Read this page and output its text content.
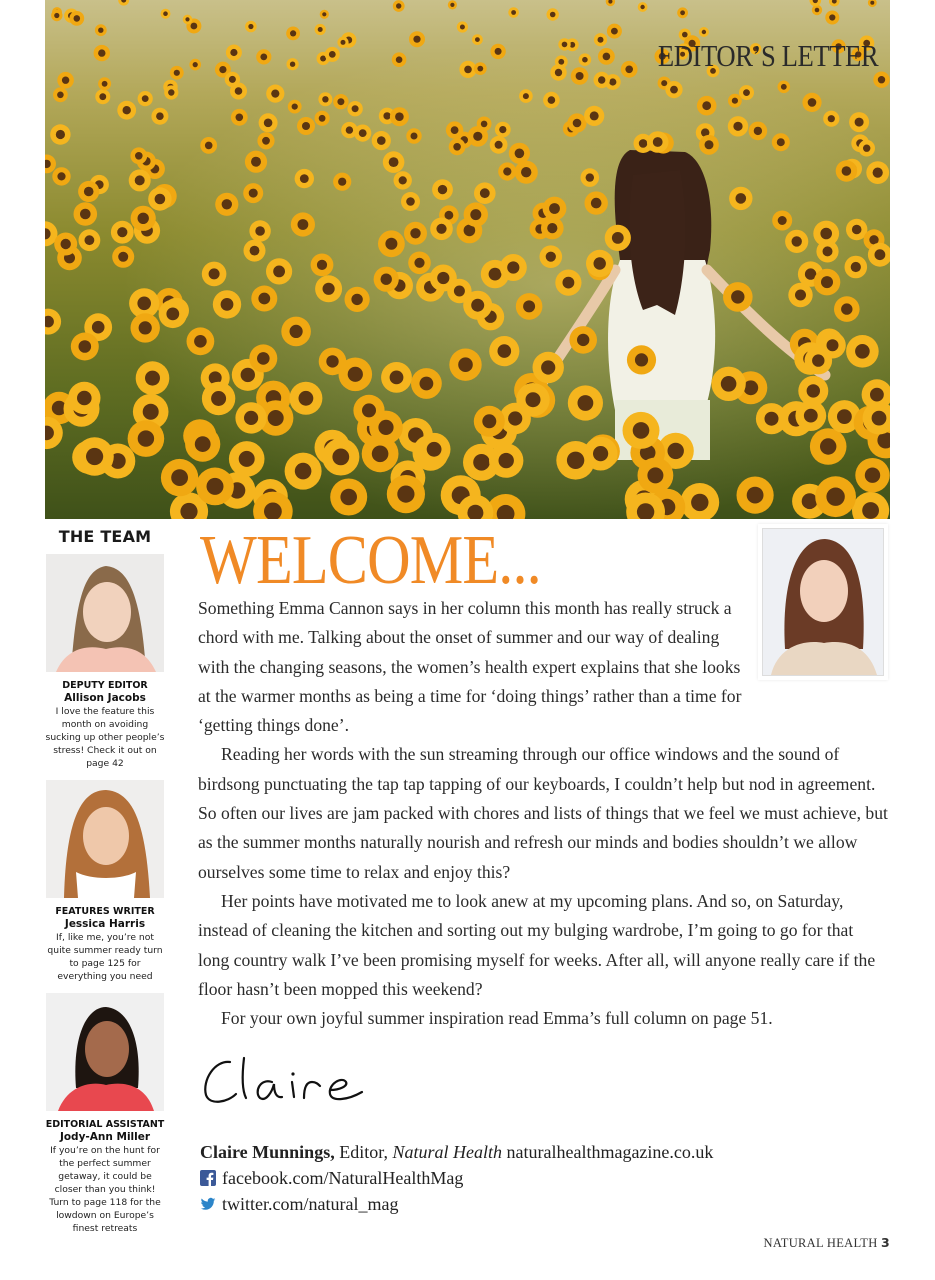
EDITOR’S LETTER
THE TEAM
DEPUTY EDITOR
Allison Jacobs
I love the feature this month on avoiding sucking up other people’s stress! Check it out on page 42
FEATURES WRITER
Jessica Harris
If, like me, you’re not quite summer ready turn to page 125 for everything you need
EDITORIAL ASSISTANT
Jody-Ann Miller
If you’re on the hunt for the perfect summer getaway, it could be closer than you think! Turn to page 118 for the lowdown on Europe’s finest retreats
WELCOME...

Something Emma Cannon says in her column this month has really struck a chord with me. Talking about the onset of summer and our way of dealing with the changing seasons, the women’s health expert explains that she looks at the warmer months as being a time for ‘doing things’ rather than a time for ‘getting things done’.

Reading her words with the sun streaming through our office windows and the sound of birdsong punctuating the tap tap tapping of our keyboards, I couldn’t help but nod in agreement. So often our lives are jam packed with chores and lists of things that we feel we must achieve, but as the summer months naturally nourish and refresh our minds and bodies shouldn’t we allow ourselves some time to relax and enjoy this?

Her points have motivated me to look anew at my upcoming plans. And so, on Saturday, instead of cleaning the kitchen and sorting out my bulging wardrobe, I’m going to go for that long country walk I’ve been promising myself for weeks. After all, will anyone really care if the floor hasn’t been mopped this weekend?

For your own joyful summer inspiration read Emma’s full column on page 51.

Claire Munnings,
Editor,
Natural Health
naturalhealthmagazine.co.uk
facebook.com/NaturalHealthMag
twitter.com/natural_mag
NATURAL HEALTH 3
